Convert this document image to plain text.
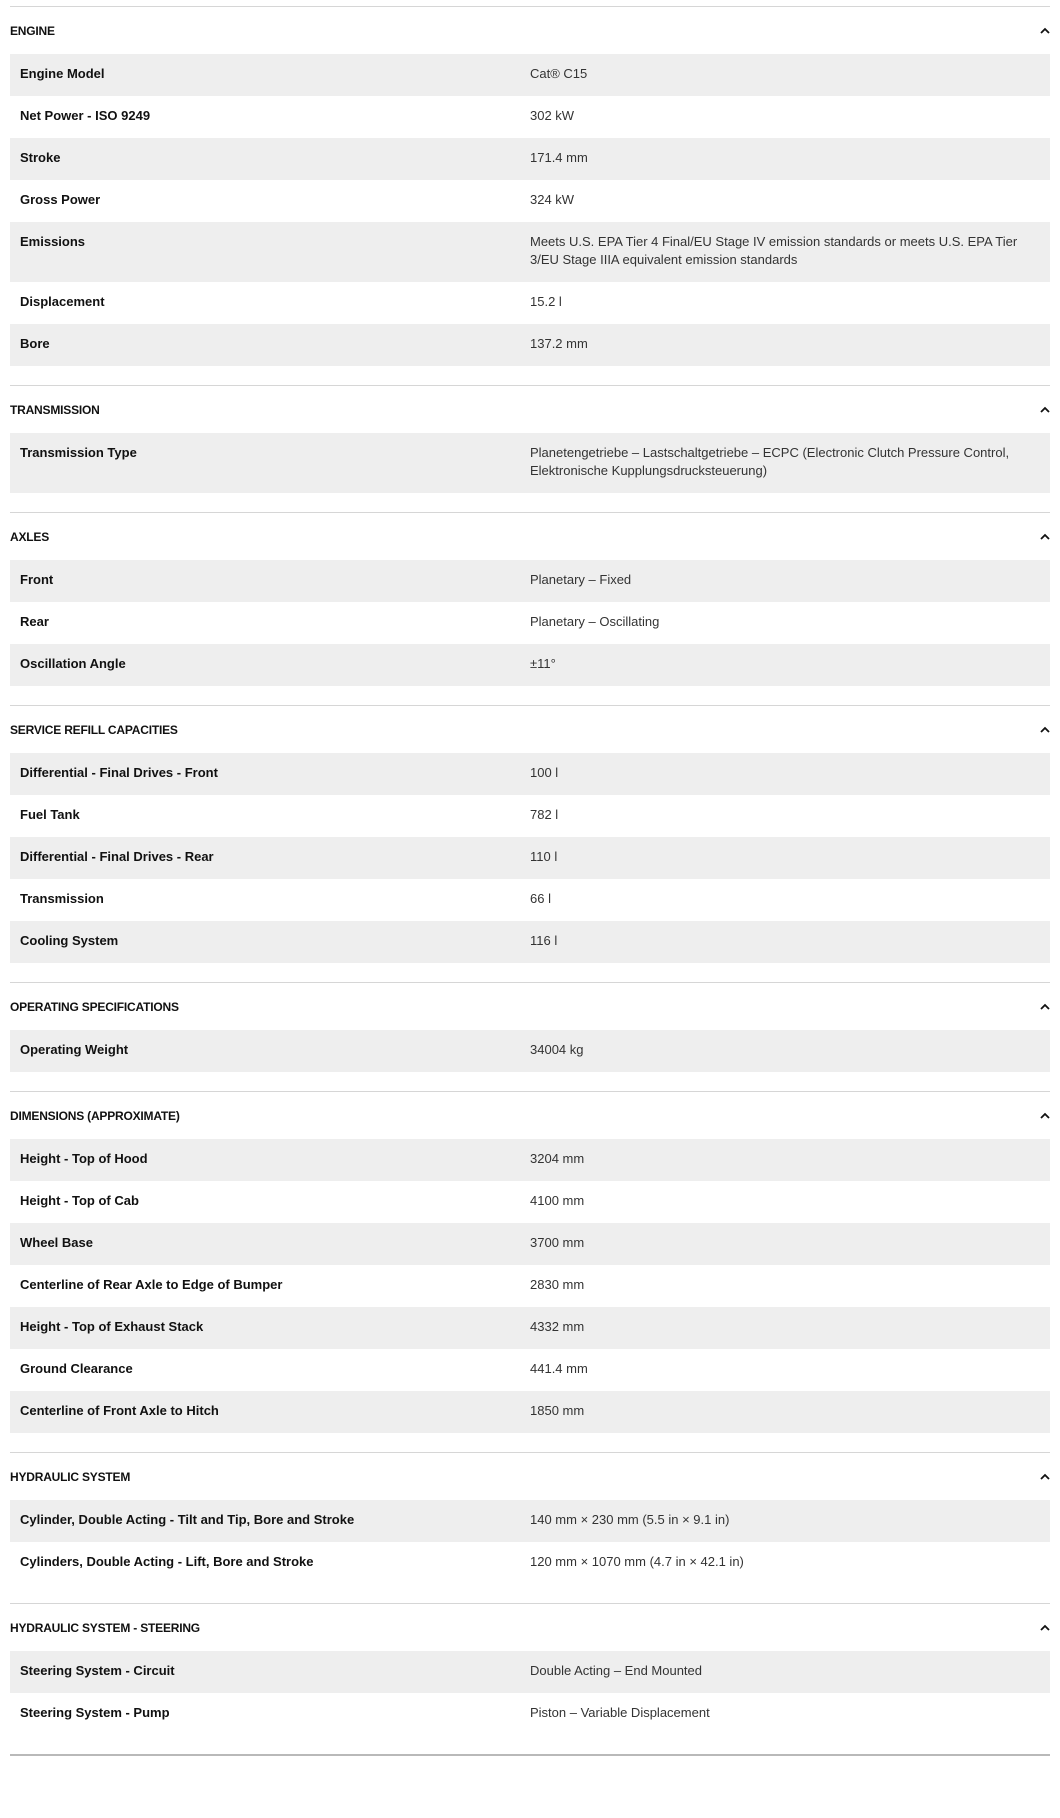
ENGINE
Engine Model	Cat® C15
Net Power - ISO 9249	302 kW
Stroke	171.4 mm
Gross Power	324 kW
Emissions	Meets U.S. EPA Tier 4 Final/EU Stage IV emission standards or meets U.S. EPA Tier 3/EU Stage IIIA equivalent emission standards
Displacement	15.2 l
Bore	137.2 mm
TRANSMISSION
Transmission Type	Planetengetriebe – Lastschaltgetriebe – ECPC (Electronic Clutch Pressure Control, Elektronische Kupplungsdrucksteuerung)
AXLES
Front	Planetary – Fixed
Rear	Planetary – Oscillating
Oscillation Angle	±11°
SERVICE REFILL CAPACITIES
Differential - Final Drives - Front	100 l
Fuel Tank	782 l
Differential - Final Drives - Rear	110 l
Transmission	66 l
Cooling System	116 l
OPERATING SPECIFICATIONS
Operating Weight	34004 kg
DIMENSIONS (APPROXIMATE)
Height - Top of Hood	3204 mm
Height - Top of Cab	4100 mm
Wheel Base	3700 mm
Centerline of Rear Axle to Edge of Bumper	2830 mm
Height - Top of Exhaust Stack	4332 mm
Ground Clearance	441.4 mm
Centerline of Front Axle to Hitch	1850 mm
HYDRAULIC SYSTEM
Cylinder, Double Acting - Tilt and Tip, Bore and Stroke	140 mm × 230 mm (5.5 in × 9.1 in)
Cylinders, Double Acting - Lift, Bore and Stroke	120 mm × 1070 mm (4.7 in × 42.1 in)
HYDRAULIC SYSTEM - STEERING
Steering System - Circuit	Double Acting – End Mounted
Steering System - Pump	Piston – Variable Displacement
